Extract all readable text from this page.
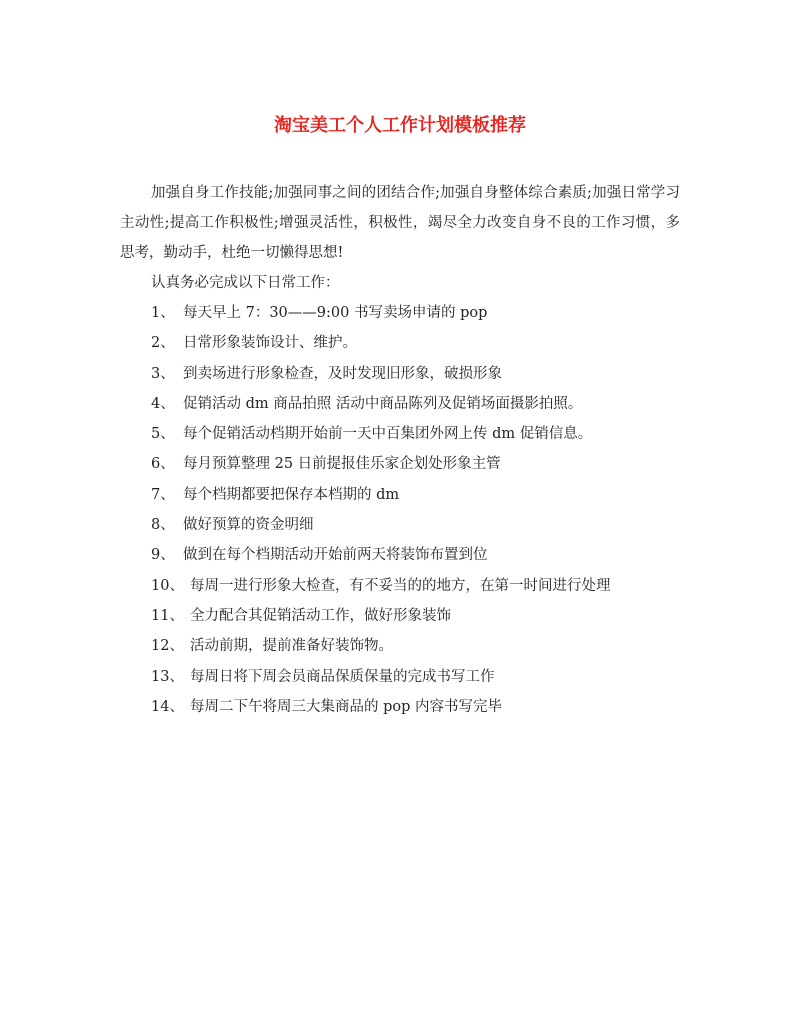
淘宝美工个人工作计划模板推荐

加强自身工作技能;加强同事之间的团结合作;加强自身整体综合素质;加强日常学习主动性;提高工作积极性;增强灵活性，积极性，竭尽全力改变自身不良的工作习惯，多思考，勤动手，杜绝一切懒得思想!

认真务必完成以下日常工作：

1、 每天早上 7：30——9:00 书写卖场申请的 pop
2、 日常形象装饰设计、维护。
3、 到卖场进行形象检查，及时发现旧形象，破损形象
4、 促销活动 dm 商品拍照 活动中商品陈列及促销场面摄影拍照。
5、 每个促销活动档期开始前一天中百集团外网上传 dm 促销信息。
6、 每月预算整理 25 日前提报佳乐家企划处形象主管
7、 每个档期都要把保存本档期的 dm
8、 做好预算的资金明细
9、 做到在每个档期活动开始前两天将装饰布置到位
10、 每周一进行形象大检查，有不妥当的的地方，在第一时间进行处理
11、 全力配合其促销活动工作，做好形象装饰
12、 活动前期，提前准备好装饰物。
13、 每周日将下周会员商品保质保量的完成书写工作
14、 每周二下午将周三大集商品的 pop 内容书写完毕
